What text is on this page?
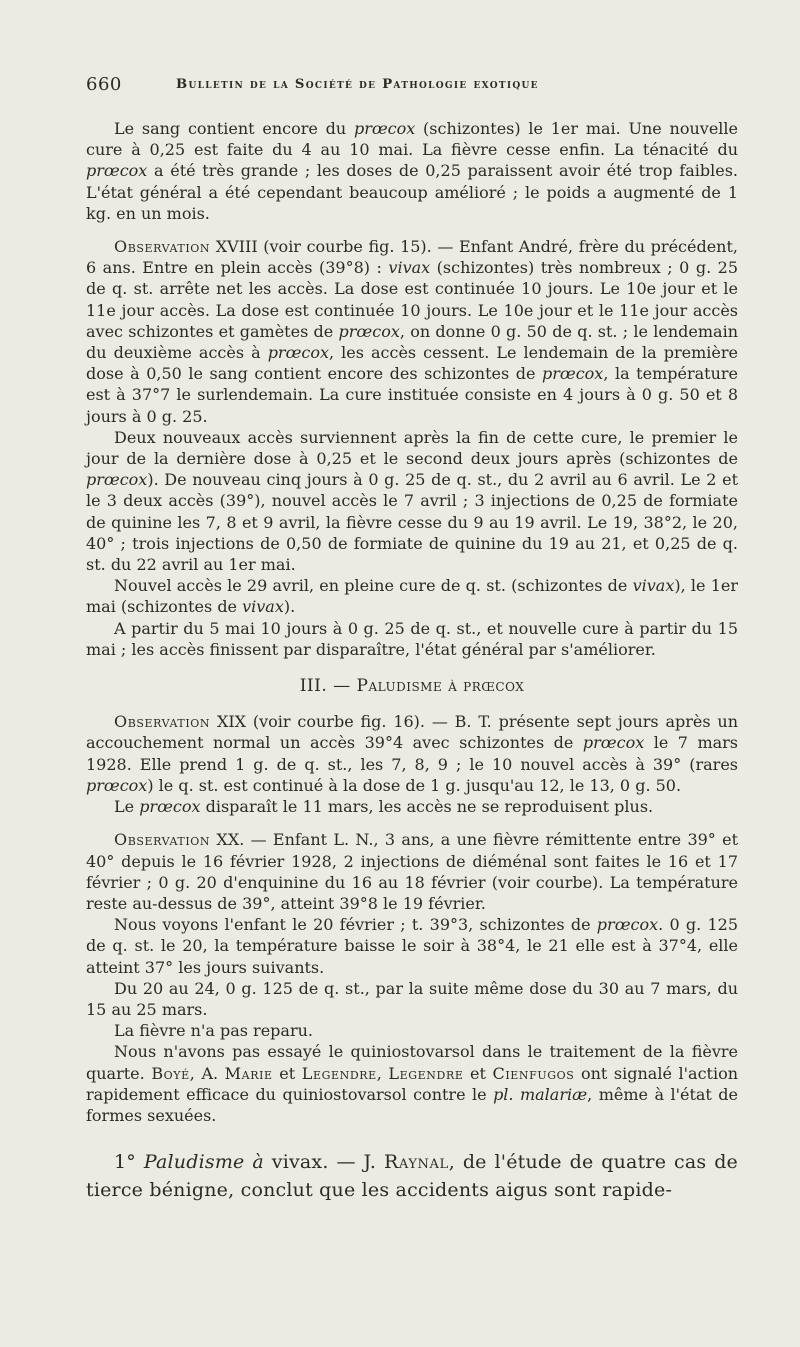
660	Bulletin de la Société de Pathologie exotique

Le sang contient encore du prœcox (schizontes) le 1er mai. Une nouvelle cure à 0,25 est faite du 4 au 10 mai. La fièvre cesse enfin. La ténacité du prœcox a été très grande ; les doses de 0,25 paraissent avoir été trop faibles. L'état général a été cependant beaucoup amélioré ; le poids a augmenté de 1 kg. en un mois.

Observation XVIII (voir courbe fig. 15). — Enfant André, frère du précédent, 6 ans. Entre en plein accès (39°8) : vivax (schizontes) très nombreux ; 0 g. 25 de q. st. arrête net les accès. La dose est continuée 10 jours. Le 10e jour et le 11e jour accès. La dose est continuée 10 jours. Le 10e jour et le 11e jour accès avec schizontes et gamètes de prœcox, on donne 0 g. 50 de q. st. ; le lendemain du deuxième accès à prœcox, les accès cessent. Le lendemain de la première dose à 0,50 le sang contient encore des schizontes de prœcox, la température est à 37°7 le surlendemain. La cure instituée consiste en 4 jours à 0 g. 50 et 8 jours à 0 g. 25.

Deux nouveaux accès surviennent après la fin de cette cure, le premier le jour de la dernière dose à 0,25 et le second deux jours après (schizontes de prœcox). De nouveau cinq jours à 0 g. 25 de q. st., du 2 avril au 6 avril. Le 2 et le 3 deux accès (39°), nouvel accès le 7 avril ; 3 injections de 0,25 de formiate de quinine les 7, 8 et 9 avril, la fièvre cesse du 9 au 19 avril. Le 19, 38°2, le 20, 40° ; trois injections de 0,50 de formiate de quinine du 19 au 21, et 0,25 de q. st. du 22 avril au 1er mai.

Nouvel accès le 29 avril, en pleine cure de q. st. (schizontes de vivax), le 1er mai (schizontes de vivax).

A partir du 5 mai 10 jours à 0 g. 25 de q. st., et nouvelle cure à partir du 15 mai ; les accès finissent par disparaître, l'état général par s'améliorer.

III. — Paludisme à prœcox

Observation XIX (voir courbe fig. 16). — B. T. présente sept jours après un accouchement normal un accès 39°4 avec schizontes de prœcox le 7 mars 1928. Elle prend 1 g. de q. st., les 7, 8, 9 ; le 10 nouvel accès à 39° (rares prœcox) le q. st. est continué à la dose de 1 g. jusqu'au 12, le 13, 0 g. 50.

Le prœcox disparaît le 11 mars, les accès ne se reproduisent plus.

Observation XX. — Enfant L. N., 3 ans, a une fièvre rémittente entre 39° et 40° depuis le 16 février 1928, 2 injections de diéménal sont faites le 16 et 17 février ; 0 g. 20 d'enquinine du 16 au 18 février (voir courbe). La température reste au-dessus de 39°, atteint 39°8 le 19 février.

Nous voyons l'enfant le 20 février ; t. 39°3, schizontes de prœcox. 0 g. 125 de q. st. le 20, la température baisse le soir à 38°4, le 21 elle est à 37°4, elle atteint 37° les jours suivants.

Du 20 au 24, 0 g. 125 de q. st., par la suite même dose du 30 au 7 mars, du 15 au 25 mars.

La fièvre n'a pas reparu.

Nous n'avons pas essayé le quiniostovarsol dans le traitement de la fièvre quarte. Boyé, A. Marie et Legendre, Legendre et Cienfugos ont signalé l'action rapidement efficace du quiniostovarsol contre le pl. malariæ, même à l'état de formes sexuées.

1° Paludisme à vivax. — J. Raynal, de l'étude de quatre cas de tierce bénigne, conclut que les accidents aigus sont rapide-
